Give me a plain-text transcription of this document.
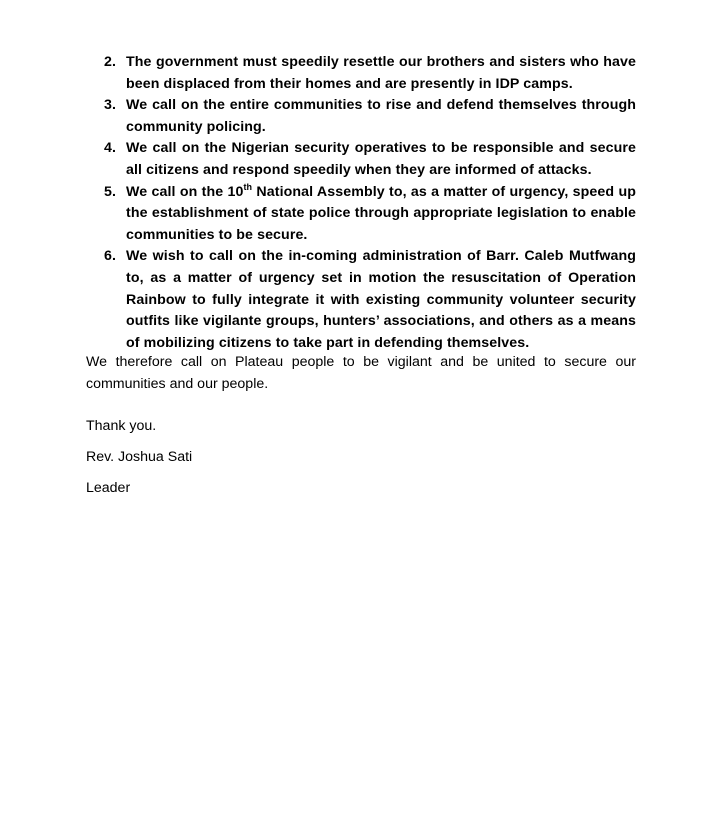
2. The government must speedily resettle our brothers and sisters who have been displaced from their homes and are presently in IDP camps.
3. We call on the entire communities to rise and defend themselves through community policing.
4. We call on the Nigerian security operatives to be responsible and secure all citizens and respond speedily when they are informed of attacks.
5. We call on the 10th National Assembly to, as a matter of urgency, speed up the establishment of state police through appropriate legislation to enable communities to be secure.
6. We wish to call on the in-coming administration of Barr. Caleb Mutfwang to, as a matter of urgency set in motion the resuscitation of Operation Rainbow to fully integrate it with existing community volunteer security outfits like vigilante groups, hunters’ associations, and others as a means of mobilizing citizens to take part in defending themselves.

We therefore call on Plateau people to be vigilant and be united to secure our communities and our people.

Thank you.

Rev. Joshua Sati

Leader
